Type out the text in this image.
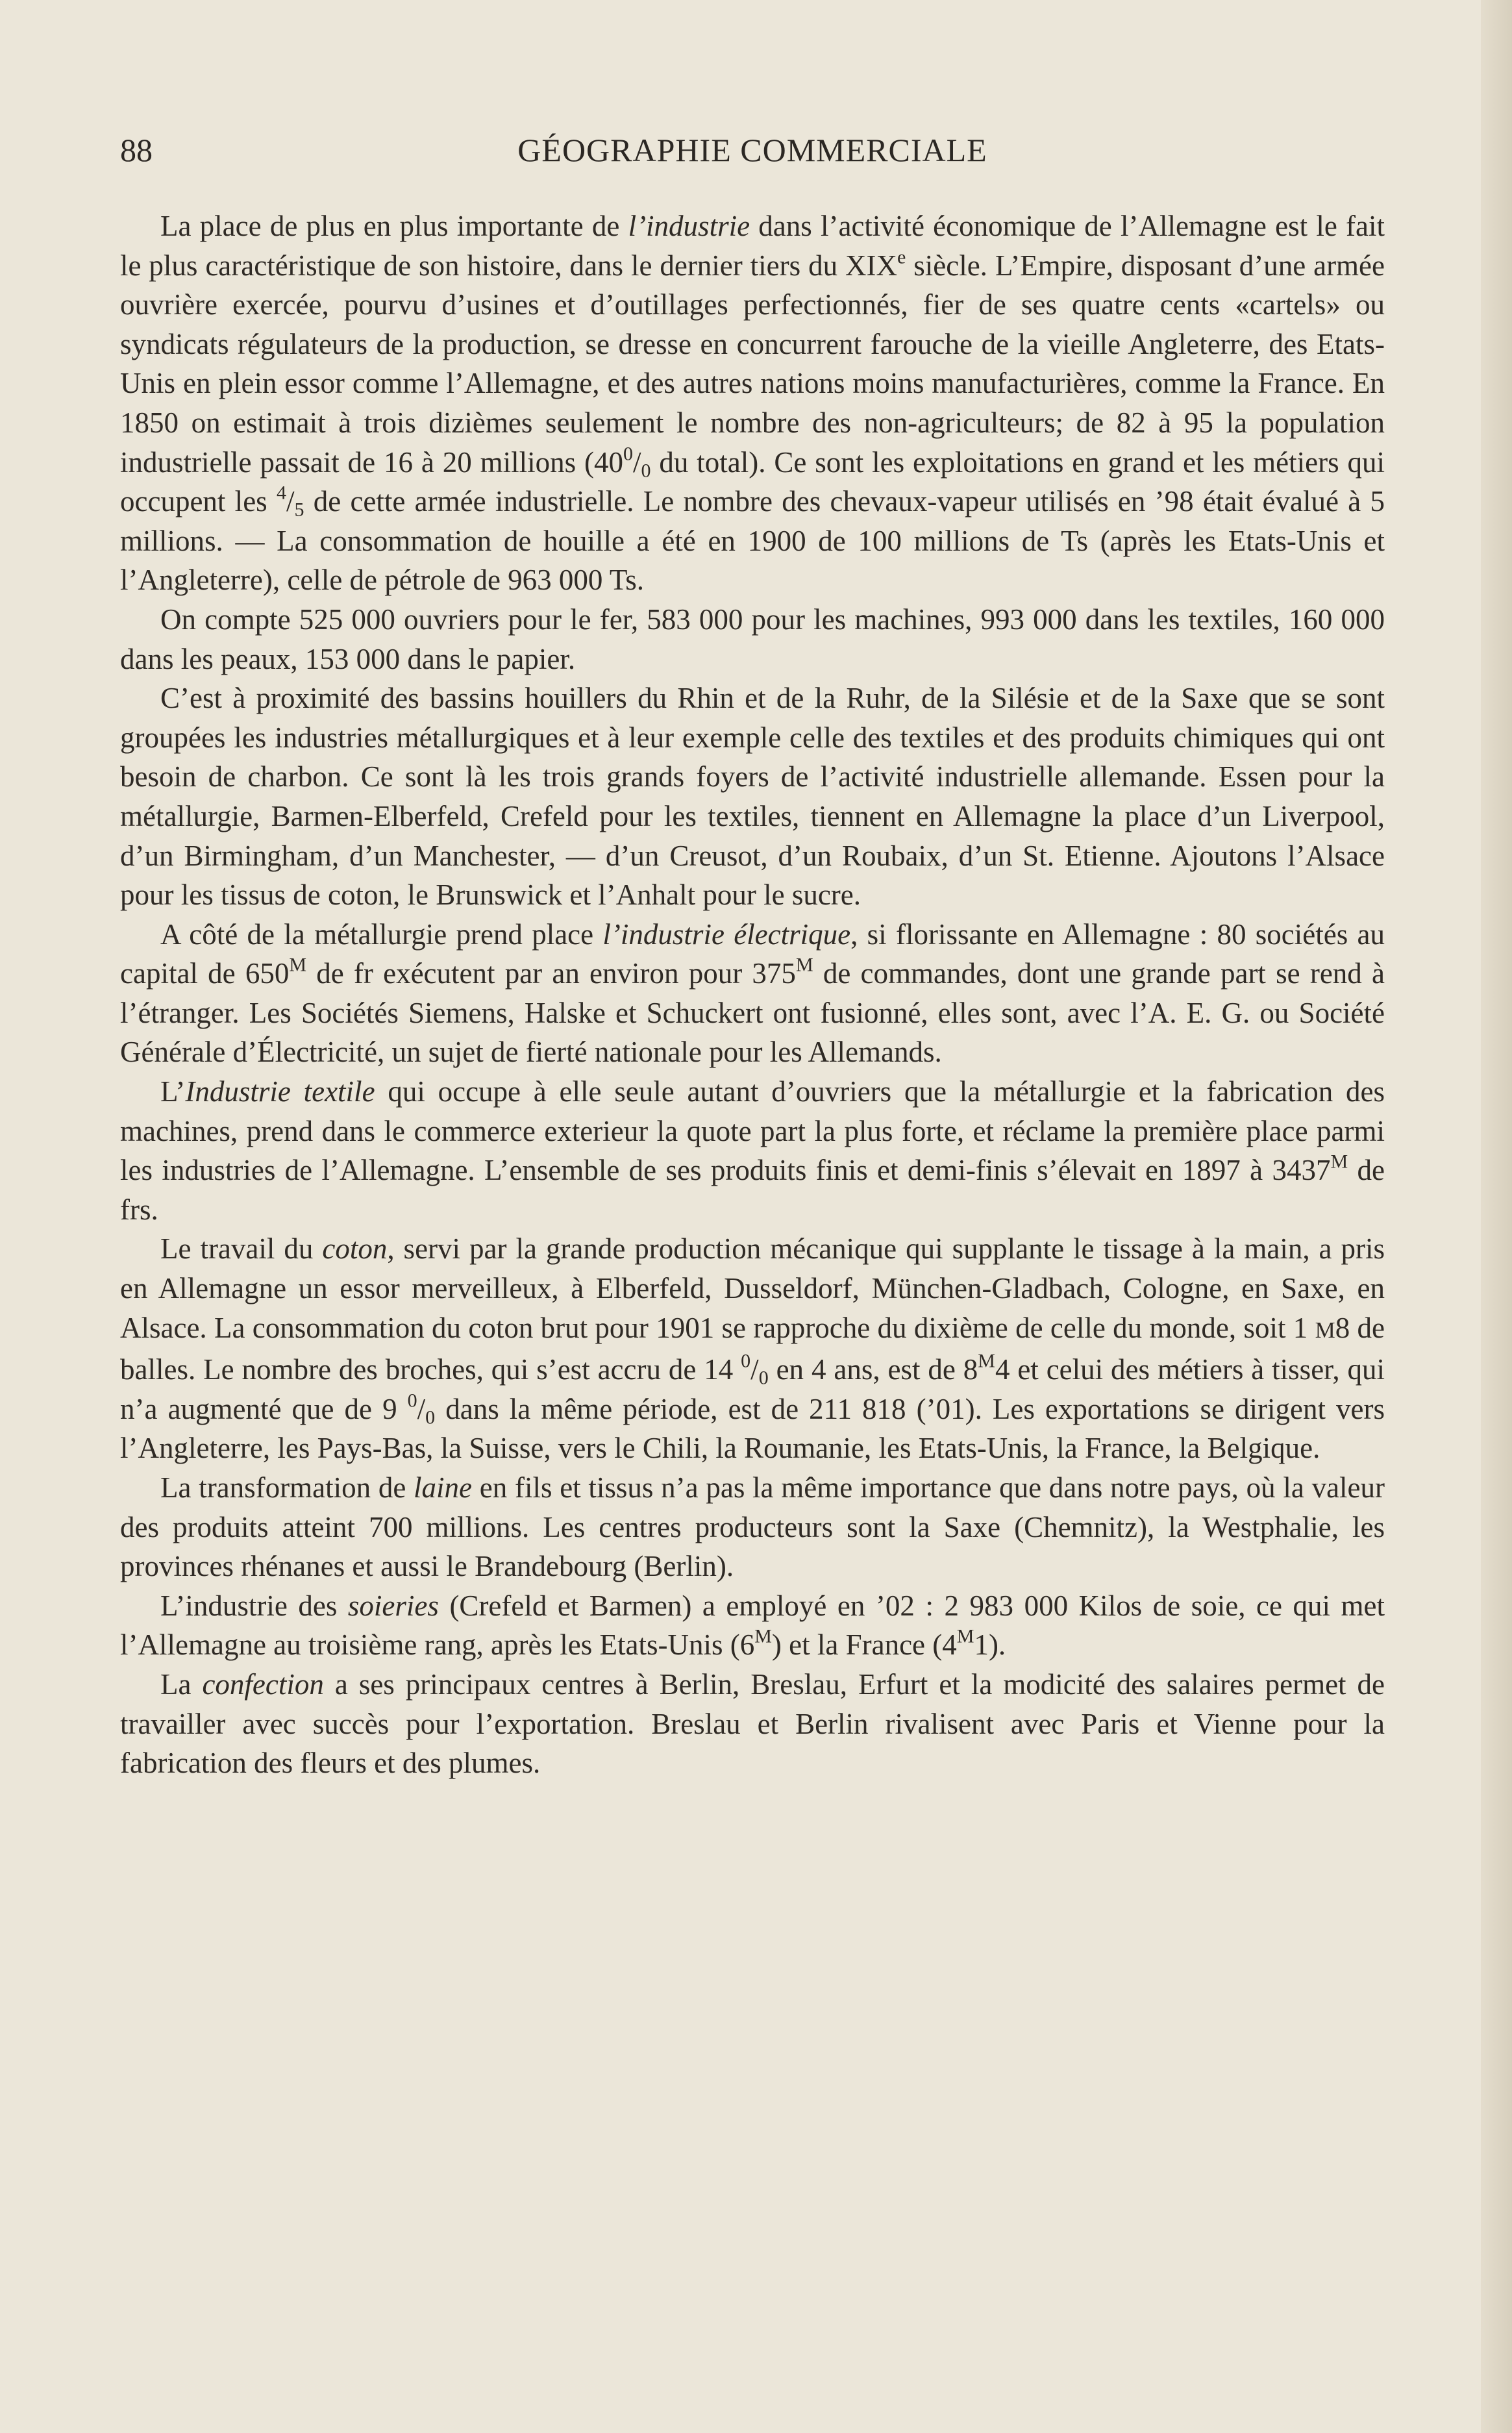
88	GÉOGRAPHIE COMMERCIALE

La place de plus en plus importante de l’industrie dans l’activité économique de l’Allemagne est le fait le plus caractéristique de son histoire, dans le dernier tiers du XIXe siècle. L’Empire, disposant d’une armée ouvrière exercée, pourvu d’usines et d’outillages perfectionnés, fier de ses quatre cents «cartels» ou syndicats régulateurs de la production, se dresse en concurrent farouche de la vieille Angleterre, des Etats-Unis en plein essor comme l’Allemagne, et des autres nations moins manufacturières, comme la France. En 1850 on estimait à trois dizièmes seulement le nombre des non-agriculteurs; de 82 à 95 la population industrielle passait de 16 à 20 millions ($40^0/_0$ du total). Ce sont les exploitations en grand et les métiers qui occupent les $^4/_5$ de cette armée industrielle. Le nombre des chevaux-vapeur utilisés en ’98 était évalué à 5 millions. — La consommation de houille a été en 1900 de 100 millions de Ts (après les Etats-Unis et l’Angleterre), celle de pétrole de 963 000 Ts.

On compte 525 000 ouvriers pour le fer, 583 000 pour les machines, 993 000 dans les textiles, 160 000 dans les peaux, 153 000 dans le papier.

C’est à proximité des bassins houillers du Rhin et de la Ruhr, de la Silésie et de la Saxe que se sont groupées les industries métallurgiques et à leur exemple celle des textiles et des produits chimiques qui ont besoin de charbon. Ce sont là les trois grands foyers de l’activité industrielle allemande. Essen pour la métallurgie, Barmen-Elberfeld, Crefeld pour les textiles, tiennent en Allemagne la place d’un Liverpool, d’un Birmingham, d’un Manchester, — d’un Creusot, d’un Roubaix, d’un St. Etienne. Ajoutons l’Alsace pour les tissus de coton, le Brunswick et l’Anhalt pour le sucre.

A côté de la métallurgie prend place l’industrie électrique, si florissante en Allemagne : 80 sociétés au capital de $650^M$ de fr exécutent par an environ pour $375^M$ de commandes, dont une grande part se rend à l’étranger. Les Sociétés Siemens, Halske et Schuckert ont fusionné, elles sont, avec l’A. E. G. ou Société Générale d’Électricité, un sujet de fierté nationale pour les Allemands.

L’Industrie textile qui occupe à elle seule autant d’ouvriers que la métallurgie et la fabrication des machines, prend dans le commerce exterieur la quote part la plus forte, et réclame la première place parmi les industries de l’Allemagne. L’ensemble de ses produits finis et demi-finis s’élevait en 1897 à $3437^M$ de frs.

Le travail du coton, servi par la grande production mécanique qui supplante le tissage à la main, a pris en Allemagne un essor merveilleux, à Elberfeld, Dusseldorf, München-Gladbach, Cologne, en Saxe, en Alsace. La consommation du coton brut pour 1901 se rapproche du dixième de celle du monde, soit 1 M8 de balles. Le nombre des broches, qui s’est accru de 14 $^0/_0$ en 4 ans, est de $8^M4$ et celui des métiers à tisser, qui n’a augmenté que de 9 $^0/_0$ dans la même période, est de 211 818 (’01). Les exportations se dirigent vers l’Angleterre, les Pays-Bas, la Suisse, vers le Chili, la Roumanie, les Etats-Unis, la France, la Belgique.

La transformation de laine en fils et tissus n’a pas la même importance que dans notre pays, où la valeur des produits atteint 700 millions. Les centres producteurs sont la Saxe (Chemnitz), la Westphalie, les provinces rhénanes et aussi le Brandebourg (Berlin).

L’industrie des soieries (Crefeld et Barmen) a employé en ’02 : 2 983 000 Kilos de soie, ce qui met l’Allemagne au troisième rang, après les Etats-Unis $(6^M)$ et la France $(4^M1)$.

La confection a ses principaux centres à Berlin, Breslau, Erfurt et la modicité des salaires permet de travailler avec succès pour l’exportation. Breslau et Berlin rivalisent avec Paris et Vienne pour la fabrication des fleurs et des plumes.
